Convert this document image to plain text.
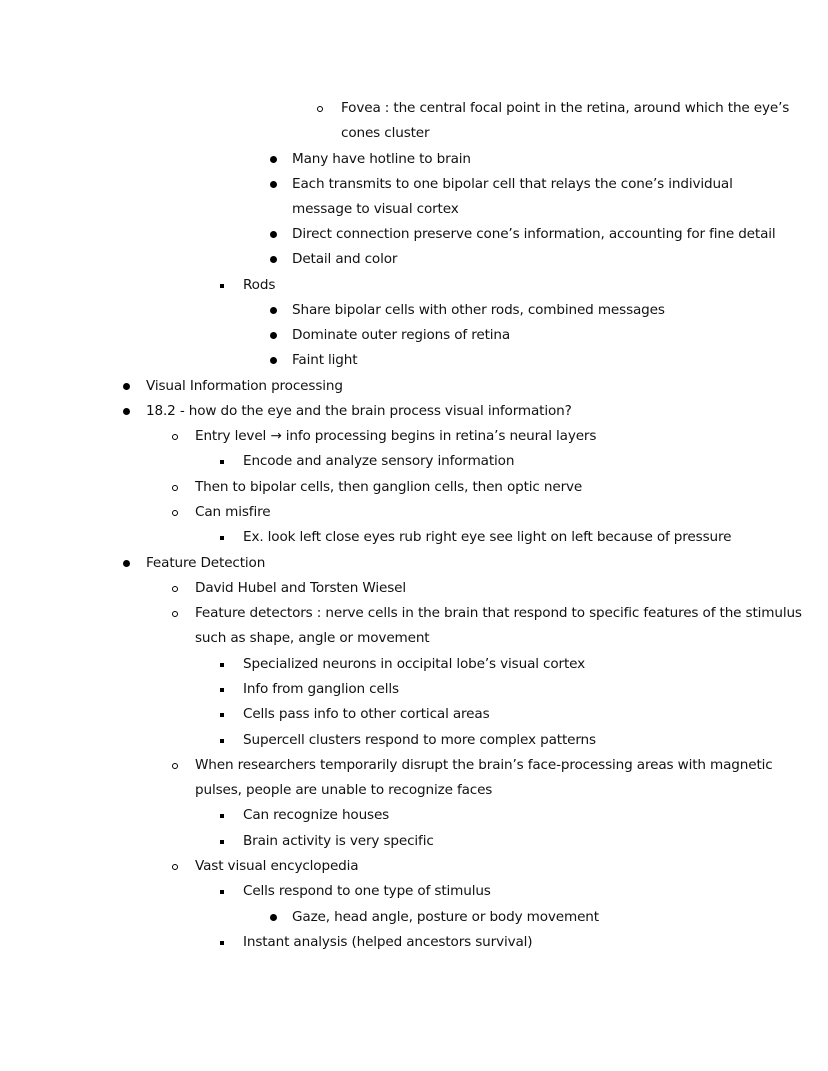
Fovea : the central focal point in the retina, around which the eye’s
cones cluster
Many have hotline to brain
Each transmits to one bipolar cell that relays the cone’s individual
message to visual cortex
Direct connection preserve cone’s information, accounting for fine detail
Detail and color
Rods
Share bipolar cells with other rods, combined messages
Dominate outer regions of retina
Faint light
Visual Information processing
18.2 - how do the eye and the brain process visual information?
Entry level → info processing begins in retina’s neural layers
Encode and analyze sensory information
Then to bipolar cells, then ganglion cells, then optic nerve
Can misfire
Ex. look left close eyes rub right eye see light on left because of pressure
Feature Detection
David Hubel and Torsten Wiesel
Feature detectors : nerve cells in the brain that respond to specific features of the stimulus
such as shape, angle or movement
Specialized neurons in occipital lobe’s visual cortex
Info from ganglion cells
Cells pass info to other cortical areas
Supercell clusters respond to more complex patterns
When researchers temporarily disrupt the brain’s face-processing areas with magnetic
pulses, people are unable to recognize faces
Can recognize houses
Brain activity is very specific
Vast visual encyclopedia
Cells respond to one type of stimulus
Gaze, head angle, posture or body movement
Instant analysis (helped ancestors survival)
